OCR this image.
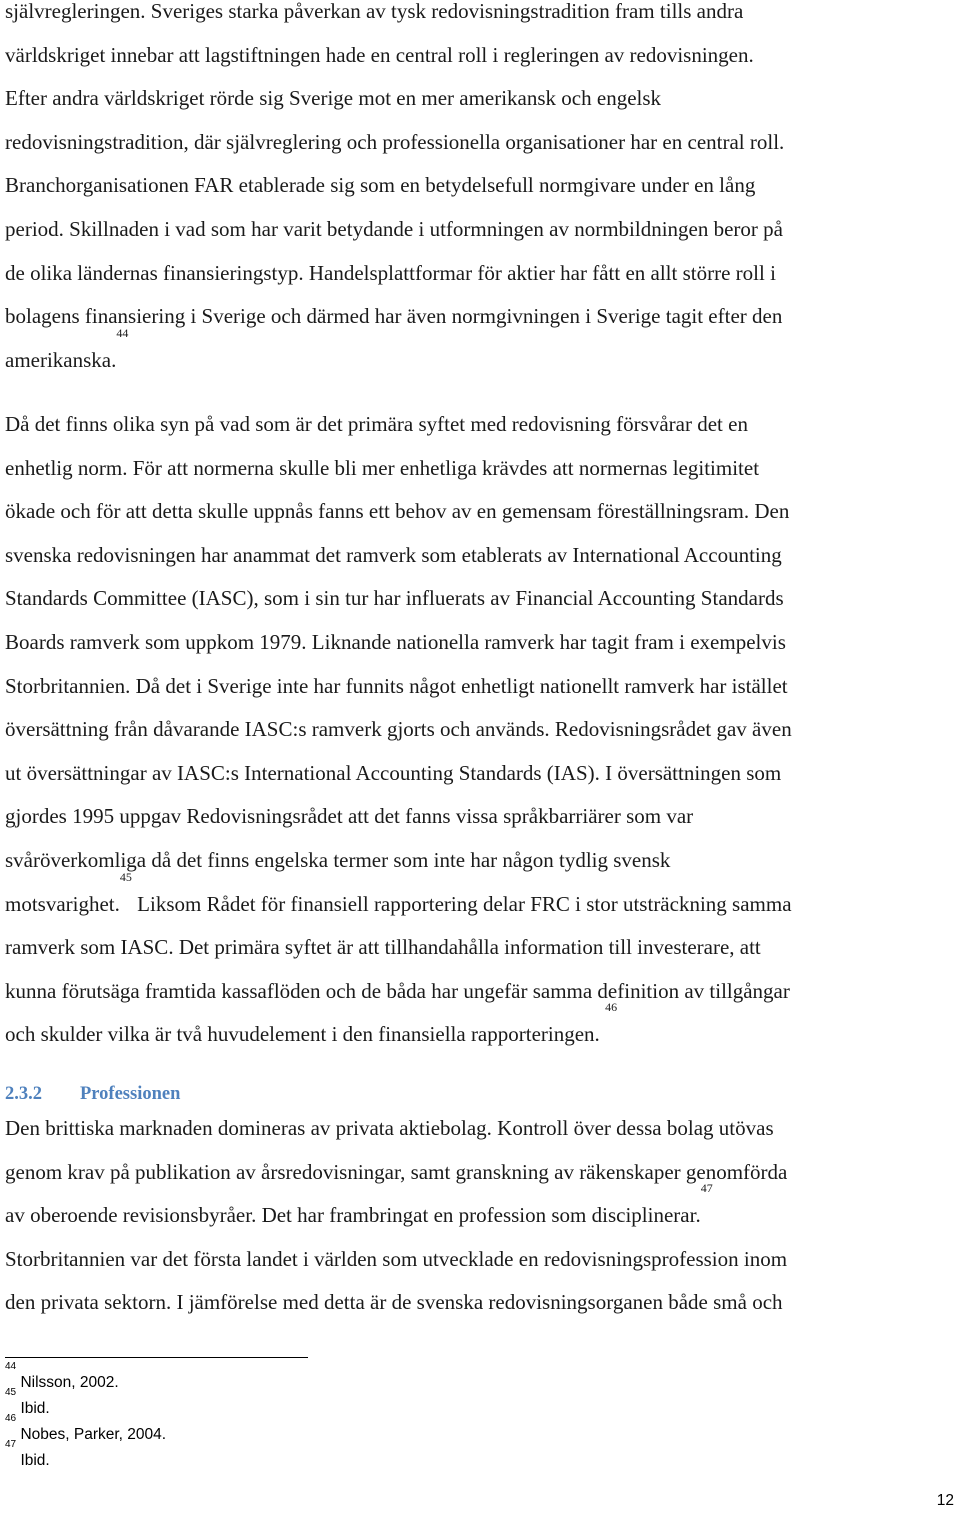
självregleringen. Sveriges starka påverkan av tysk redovisningstradition fram tills andra
världskriget innebar att lagstiftningen hade en central roll i regleringen av redovisningen.
Efter andra världskriget rörde sig Sverige mot en mer amerikansk och engelsk
redovisningstradition, där självreglering och professionella organisationer har en central roll.
Branchorganisationen FAR etablerade sig som en betydelsefull normgivare under en lång
period. Skillnaden i vad som har varit betydande i utformningen av normbildningen beror på
de olika ländernas finansieringstyp. Handelsplattformar för aktier har fått en allt större roll i
bolagens finansiering i Sverige och därmed har även normgivningen i Sverige tagit efter den
amerikanska.$^{44}$

Då det finns olika syn på vad som är det primära syftet med redovisning försvårar det en
enhetlig norm. För att normerna skulle bli mer enhetliga krävdes att normernas legitimitet
ökade och för att detta skulle uppnås fanns ett behov av en gemensam föreställningsram. Den
svenska redovisningen har anammat det ramverk som etablerats av International Accounting
Standards Committee (IASC), som i sin tur har influerats av Financial Accounting Standards
Boards ramverk som uppkom 1979. Liknande nationella ramverk har tagit fram i exempelvis
Storbritannien. Då det i Sverige inte har funnits något enhetligt nationellt ramverk har istället
översättning från dåvarande IASC:s ramverk gjorts och används. Redovisningsrådet gav även
ut översättningar av IASC:s International Accounting Standards (IAS). I översättningen som
gjordes 1995 uppgav Redovisningsrådet att det fanns vissa språkbarriärer som var
svåröverkomliga då det finns engelska termer som inte har någon tydlig svensk
motsvarighet.$^{45}$ Liksom Rådet för finansiell rapportering delar FRC i stor utsträckning samma
ramverk som IASC. Det primära syftet är att tillhandahålla information till investerare, att
kunna förutsäga framtida kassaflöden och de båda har ungefär samma definition av tillgångar
och skulder vilka är två huvudelement i den finansiella rapporteringen. $^{46}$

2.3.2 Professionen

Den brittiska marknaden domineras av privata aktiebolag. Kontroll över dessa bolag utövas
genom krav på publikation av årsredovisningar, samt granskning av räkenskaper genomförda
av oberoende revisionsbyråer. Det har frambringat en profession som disciplinerar.$^{47}$
Storbritannien var det första landet i världen som utvecklade en redovisningsprofession inom
den privata sektorn. I jämförelse med detta är de svenska redovisningsorganen både små och

$^{44}$ Nilsson, 2002.
$^{45}$ Ibid.
$^{46}$ Nobes, Parker, 2004.
$^{47}$ Ibid.
12
